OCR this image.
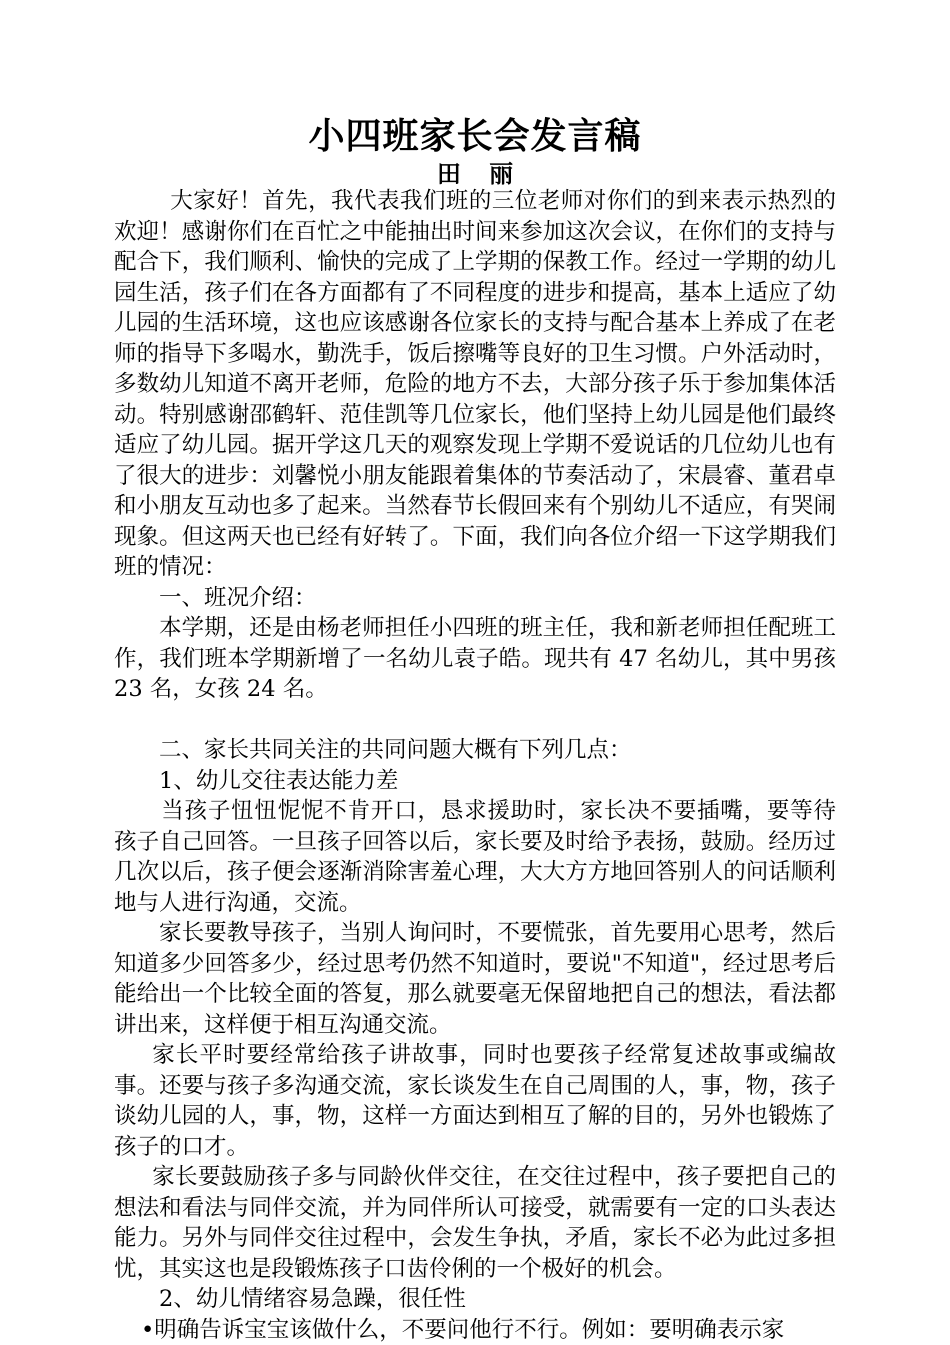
小四班家长会发言稿
田 丽

大家好！首先，我代表我们班的三位老师对你们的到来表示热烈的欢迎！感谢你们在百忙之中能抽出时间来参加这次会议，在你们的支持与配合下，我们顺利、愉快的完成了上学期的保教工作。经过一学期的幼儿园生活，孩子们在各方面都有了不同程度的进步和提高，基本上适应了幼儿园的生活环境，这也应该感谢各位家长的支持与配合基本上养成了在老师的指导下多喝水，勤洗手，饭后擦嘴等良好的卫生习惯。户外活动时，多数幼儿知道不离开老师，危险的地方不去，大部分孩子乐于参加集体活动。特别感谢邵鹤轩、范佳凯等几位家长，他们坚持上幼儿园是他们最终适应了幼儿园。据开学这几天的观察发现上学期不爱说话的几位幼儿也有了很大的进步：刘馨悦小朋友能跟着集体的节奏活动了，宋晨睿、董君卓和小朋友互动也多了起来。当然春节长假回来有个别幼儿不适应，有哭闹现象。但这两天也已经有好转了。下面，我们向各位介绍一下这学期我们班的情况：

一、班况介绍：

本学期，还是由杨老师担任小四班的班主任，我和新老师担任配班工作，我们班本学期新增了一名幼儿袁子皓。现共有 47 名幼儿，其中男孩 23 名，女孩 24 名。

二、家长共同关注的共同问题大概有下列几点：

1、幼儿交往表达能力差

当孩子忸忸怩怩不肯开口，恳求援助时，家长决不要插嘴，要等待孩子自己回答。一旦孩子回答以后，家长要及时给予表扬，鼓励。经历过几次以后，孩子便会逐渐消除害羞心理，大大方方地回答别人的问话顺利地与人进行沟通，交流。

家长要教导孩子，当别人询问时，不要慌张，首先要用心思考，然后知道多少回答多少，经过思考仍然不知道时，要说"不知道"，经过思考后能给出一个比较全面的答复，那么就要毫无保留地把自己的想法，看法都讲出来，这样便于相互沟通交流。

家长平时要经常给孩子讲故事，同时也要孩子经常复述故事或编故事。还要与孩子多沟通交流，家长谈发生在自己周围的人，事，物，孩子谈幼儿园的人，事，物，这样一方面达到相互了解的目的，另外也锻炼了孩子的口才。

家长要鼓励孩子多与同龄伙伴交往，在交往过程中，孩子要把自己的想法和看法与同伴交流，并为同伴所认可接受，就需要有一定的口头表达能力。另外与同伴交往过程中，会发生争执，矛盾，家长不必为此过多担忧，其实这也是段锻炼孩子口齿伶俐的一个极好的机会。

2、幼儿情绪容易急躁，很任性

•明确告诉宝宝该做什么，不要问他行不行。例如：要明确表示家
